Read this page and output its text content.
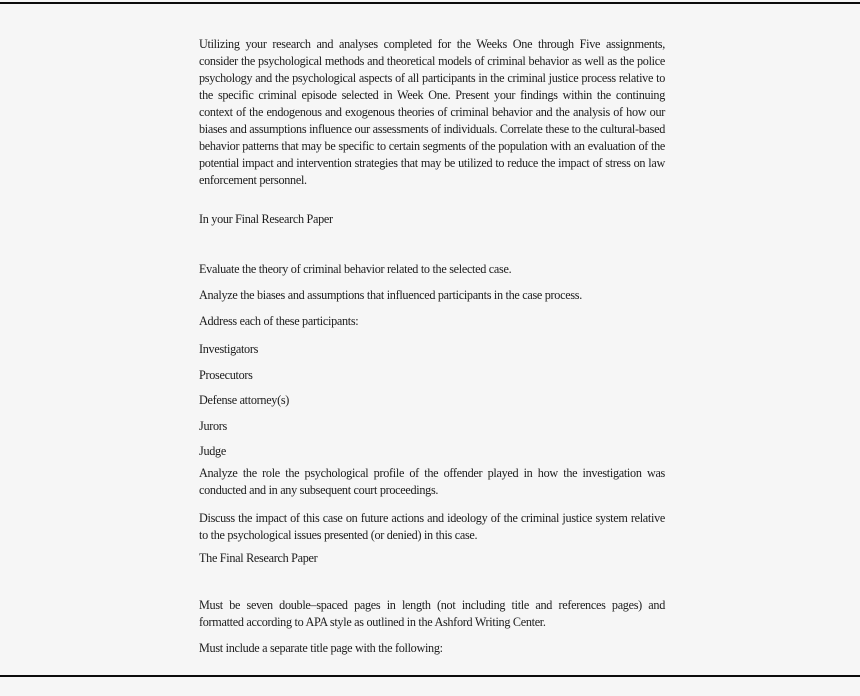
Utilizing your research and analyses completed for the Weeks One through Five assignments, consider the psychological methods and theoretical models of criminal behavior as well as the police psychology and the psychological aspects of all participants in the criminal justice process relative to the specific criminal episode selected in Week One. Present your findings within the continuing context of the endogenous and exogenous theories of criminal behavior and the analysis of how our biases and assumptions influence our assessments of individuals. Correlate these to the cultural-based behavior patterns that may be specific to certain segments of the population with an evaluation of the potential impact and intervention strategies that may be utilized to reduce the impact of stress on law enforcement personnel.

In your Final Research Paper

Evaluate the theory of criminal behavior related to the selected case.

Analyze the biases and assumptions that influenced participants in the case process.

Address each of these participants:

Investigators

Prosecutors

Defense attorney(s)

Jurors

Judge

Analyze the role the psychological profile of the offender played in how the investigation was conducted and in any subsequent court proceedings.

Discuss the impact of this case on future actions and ideology of the criminal justice system relative to the psychological issues presented (or denied) in this case.

The Final Research Paper

Must be seven double–spaced pages in length (not including title and references pages) and formatted according to APA style as outlined in the Ashford Writing Center.

Must include a separate title page with the following:
